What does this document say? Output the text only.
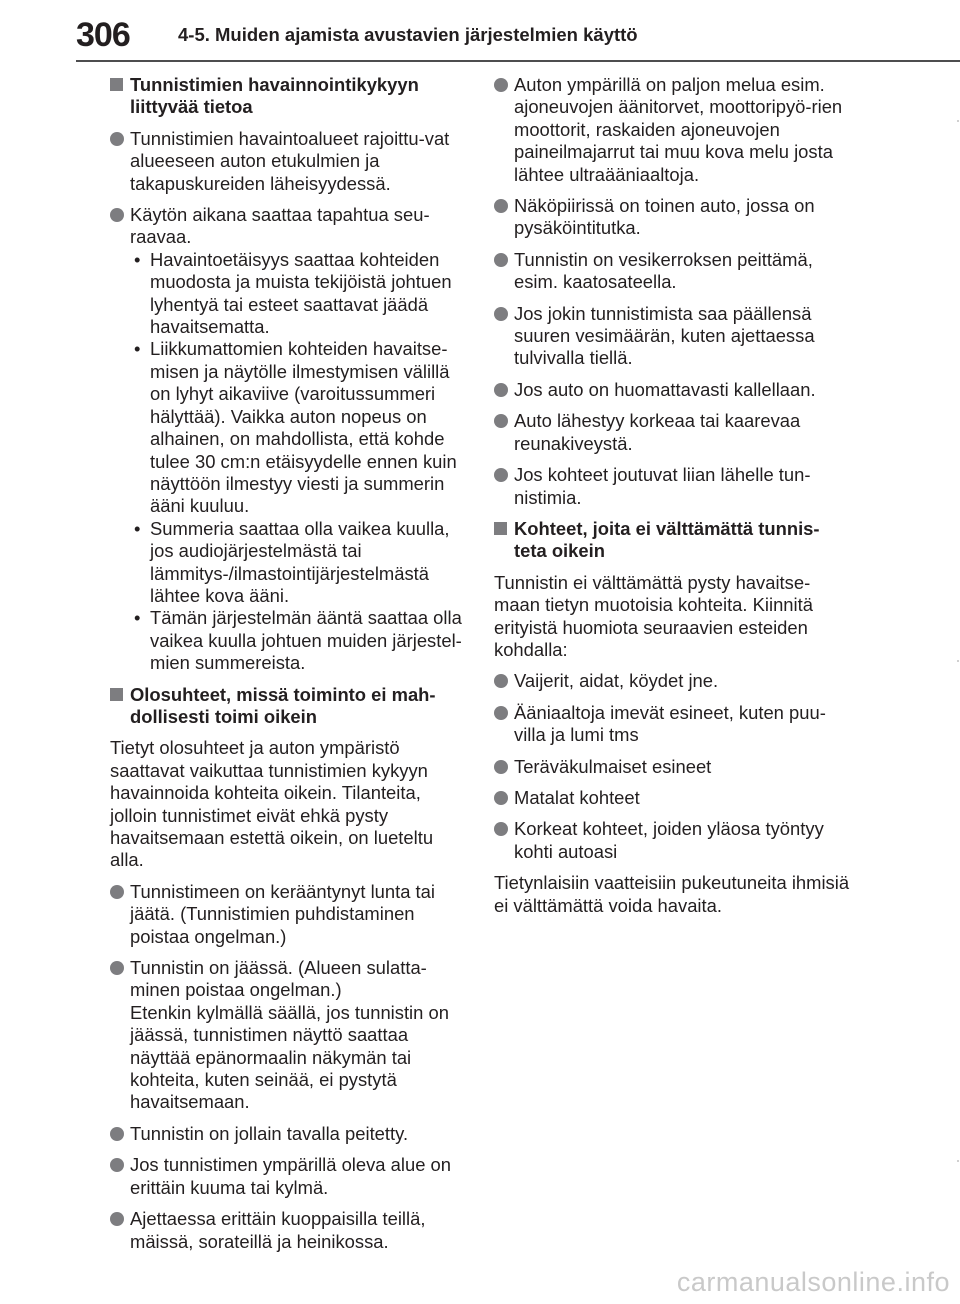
306	4-5. Muiden ajamista avustavien järjestelmien käyttö
Tunnistimien havainnointikykyyn liittyvää tietoa
Tunnistimien havaintoalueet rajoittu-vat alueeseen auton etukulmien ja takapuskureiden läheisyydessä.
Käytön aikana saattaa tapahtua seu-raavaa.
• Havaintoetäisyys saattaa kohteiden muodosta ja muista tekijöistä johtuen lyhentyä tai esteet saattavat jäädä havaitsematta.
• Liikkumattomien kohteiden havaitse-misen ja näytölle ilmestymisen välillä on lyhyt aikaviive (varoitussummeri hälyttää). Vaikka auton nopeus on alhainen, on mahdollista, että kohde tulee 30 cm:n etäisyydelle ennen kuin näyttöön ilmestyy viesti ja summerin ääni kuuluu.
• Summeria saattaa olla vaikea kuulla, jos audiojärjestelmästä tai lämmitys-/ilmastointijärjestelmästä lähtee kova ääni.
• Tämän järjestelmän ääntä saattaa olla vaikea kuulla johtuen muiden järjestel-mien summereista.
Olosuhteet, missä toiminto ei mah-dollisesti toimi oikein
Tietyt olosuhteet ja auton ympäristö saattavat vaikuttaa tunnistimien kykyyn havainnoida kohteita oikein. Tilanteita, jolloin tunnistimet eivät ehkä pysty havaitsemaan estettä oikein, on lueteltu alla.
Tunnistimeen on kerääntynyt lunta tai jäätä. (Tunnistimien puhdistaminen poistaa ongelman.)
Tunnistin on jäässä. (Alueen sulatta-minen poistaa ongelman.)
Etenkin kylmällä säällä, jos tunnistin on jäässä, tunnistimen näyttö saattaa näyttää epänormaalin näkymän tai kohteita, kuten seinää, ei pystytä havaitsemaan.
Tunnistin on jollain tavalla peitetty.
Jos tunnistimen ympärillä oleva alue on erittäin kuuma tai kylmä.
Ajettaessa erittäin kuoppaisilla teillä, mäissä, sorateillä ja heinikossa.
Auton ympärillä on paljon melua esim. ajoneuvojen äänitorvet, moottoripyö-rien moottorit, raskaiden ajoneuvojen paineilmajarrut tai muu kova melu josta lähtee ultraääniaaltoja.
Näköpiirissä on toinen auto, jossa on pysäköintitutka.
Tunnistin on vesikerroksen peittämä, esim. kaatosateella.
Jos jokin tunnistimista saa päällensä suuren vesimäärän, kuten ajettaessa tulvivalla tiellä.
Jos auto on huomattavasti kallellaan.
Auto lähestyy korkeaa tai kaarevaa reunakiveystä.
Jos kohteet joutuvat liian lähelle tun-nistimia.
Kohteet, joita ei välttämättä tunnis-teta oikein
Tunnistin ei välttämättä pysty havaitse-maan tietyn muotoisia kohteita. Kiinnitä erityistä huomiota seuraavien esteiden kohdalla:
Vaijerit, aidat, köydet jne.
Ääniaaltoja imevät esineet, kuten puu-villa ja lumi tms
Teräväkulmaiset esineet
Matalat kohteet
Korkeat kohteet, joiden yläosa työntyy kohti autoasi
Tietynlaisiin vaatteisiin pukeutuneita ihmisiä ei välttämättä voida havaita.
carmanualsonline.info
